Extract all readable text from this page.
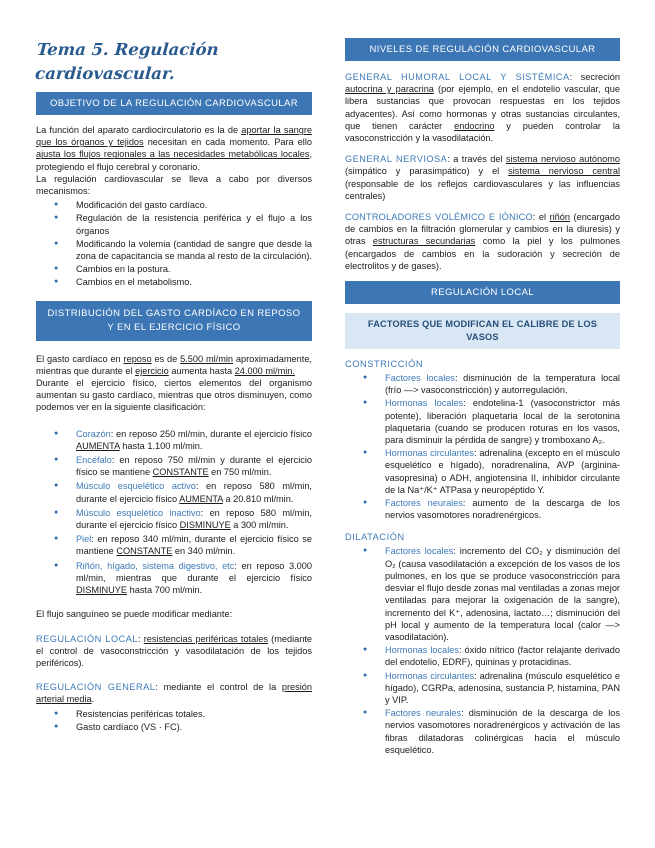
Tema 5. Regulación
cardiovascular.
OBJETIVO DE LA REGULACIÓN CARDIOVASCULAR

La función del aparato cardiocirculatorio es la de aportar la sangre que los órganos y tejidos necesitan en cada momento. Para ello ajusta los flujos regionales a las necesidades metabólicas locales, protegiendo el flujo cerebral y coronario.

La regulación cardiovascular se lleva a cabo por diversos mecanismos:

● Modificación del gasto cardíaco.
● Regulación de la resistencia periférica y el flujo a los órganos
● Modificando la volemia (cantidad de sangre que desde la zona de capacitancia se manda al resto de la circulación).
● Cambios en la postura.
● Cambios en el metabolismo.
DISTRIBUCIÓN DEL GASTO CARDÍACO EN REPOSO Y EN EL EJERCICIO FÍSICO

El gasto cardíaco en reposo es de 5.500 ml/min aproximadamente, mientras que durante el ejercicio aumenta hasta 24.000 ml/min.

Durante el ejercicio físico, ciertos elementos del organismo aumentan su gasto cardíaco, mientras que otros disminuyen, como podemos ver en la siguiente clasificación:

● Corazón: en reposo 250 ml/min, durante el ejercicio físico AUMENTA hasta 1.100 ml/min.
● Encéfalo: en reposo 750 ml/min y durante el ejercicio físico se mantiene CONSTANTE en 750 ml/min.
● Músculo esquelético activo: en reposo 580 ml/min, durante el ejercicio físico AUMENTA a 20.810 ml/min.
● Músculo esquelético inactivo: en reposo 580 ml/min, durante el ejercicio físico DISMINUYE a 300 ml/min.
● Piel: en reposo 340 ml/min, durante el ejercicio físico se mantiene CONSTANTE en 340 ml/min.
● Riñón, hígado, sistema digestivo, etc: en reposo 3.000 ml/min, mientras que durante el ejercicio físico DISMINUYE hasta 700 ml/min.

El flujo sanguíneo se puede modificar mediante:

REGULACIÓN LOCAL: resistencias periféricas totales (mediante el control de vasoconstricción y vasodilatación de los tejidos periféricos).

REGULACIÓN GENERAL: mediante el control de la presión arterial media.

● Resistencias periféricas totales.
● Gasto cardíaco (VS · FC).
NIVELES DE REGULACIÓN CARDIOVASCULAR

GENERAL HUMORAL LOCAL Y SISTÉMICA: secreción autocrina y paracrina (por ejemplo, en el endotelio vascular, que libera sustancias que provocan respuestas en los tejidos adyacentes). Así como hormonas y otras sustancias circulantes, que tienen carácter endocrino y pueden controlar la vasoconstricción y la vasodilatación.

GENERAL NERVIOSA: a través del sistema nervioso autónomo (simpático y parasimpático) y el sistema nervioso central (responsable de los reflejos cardiovasculares y las influencias centrales)

CONTROLADORES VOLÉMICO E IÓNICO: el riñón (encargado de cambios en la filtración glomerular y cambios en la diuresis) y otras estructuras secundarias como la piel y los pulmones (encargados de cambios en la sudoración y secreción de electrolitos y de gases).

REGULACIÓN LOCAL
FACTORES QUE MODIFICAN EL CALIBRE DE LOS VASOS
CONSTRICCIÓN
● Factores locales: disminución de la temperatura local (frío —> vasoconstricción) y autorregulación.
● Hormonas locales: endotelina-1 (vasoconstrictor más potente), liberación plaquetaria local de la serotonina plaquetaria (cuando se producen roturas en los vasos, para disminuir la pérdida de sangre) y tromboxano A₂.
● Hormonas circulantes: adrenalina (excepto en el músculo esquelético e hígado), noradrenalina, AVP (arginina-vasopresina) o ADH, angiotensina II, inhibidor circulante de la Na⁺/K⁺ ATPasa y neuropéptido Y.
● Factores neurales: aumento de la descarga de los nervios vasomotores noradrenérgicos.
DILATACIÓN
● Factores locales: incremento del CO₂ y disminución del O₂ (causa vasodilatación a excepción de los vasos de los pulmones, en los que se produce vasoconstricción para desviar el flujo desde zonas mal ventiladas a zonas mejor ventiladas para mejorar la oxigenación de la sangre), incremento del K⁺, adenosina, lactato…; disminución del pH local y aumento de la temperatura local (calor —> vasodilatación).
● Hormonas locales: óxido nítrico (factor relajante derivado del endotelio, EDRF), quininas y protacidinas.
● Hormonas circulantes: adrenalina (músculo esquelético e hígado), CGRPa, adenosina, sustancia P, histamina, PAN y VIP.
● Factores neurales: disminución de la descarga de los nervios vasomotores noradrenérgicos y activación de las fibras dilatadoras colinérgicas hacia el músculo esquelético.
